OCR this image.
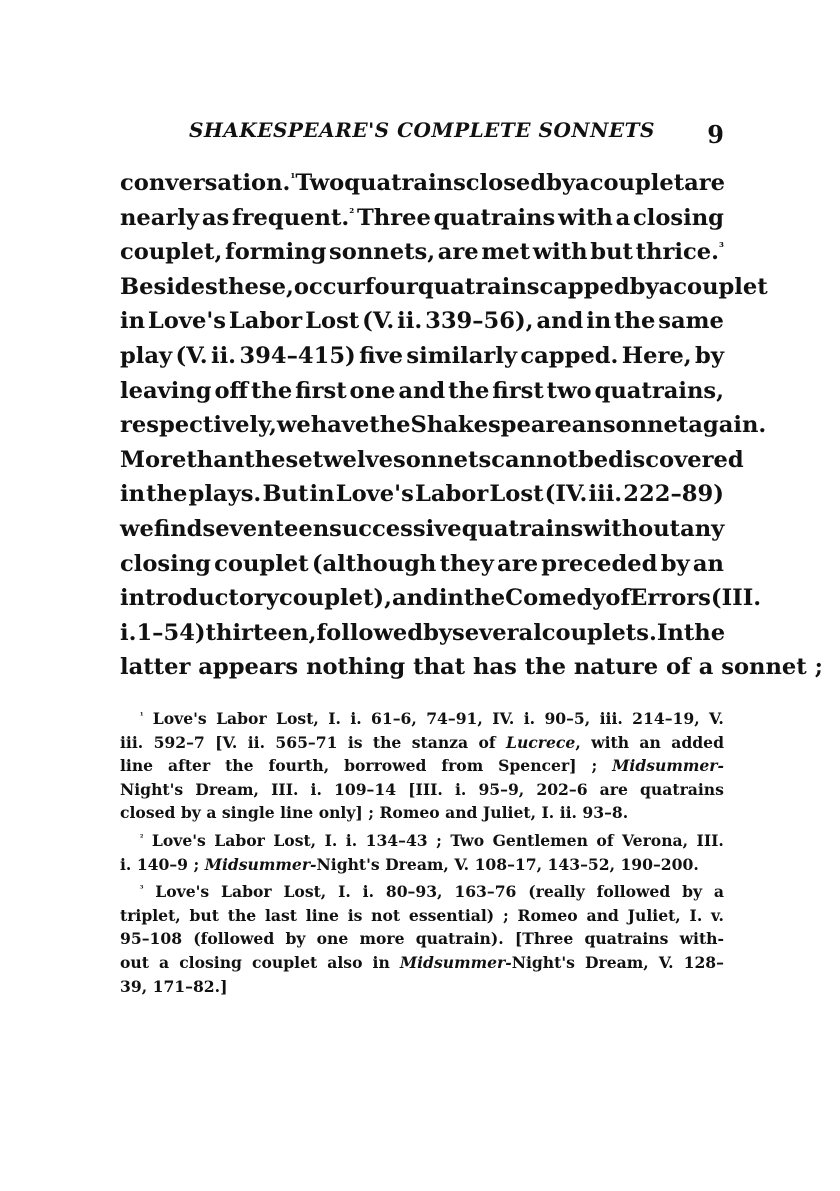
SHAKESPEARE'S COMPLETE SONNETS	9
conversation.$^{^1}$ Two quatrains closed by a couplet are
nearly as frequent.$^{^2}$ Three quatrains with a closing
couplet, forming sonnets, are met with but thrice.$^{^3}$
Besides these, occur four quatrains capped by a couplet
in Love's Labor Lost (V. ii. 339–56), and in the same
play (V. ii. 394–415) five similarly capped. Here, by
leaving off the first one and the first two quatrains,
respectively, we have the Shakespearean sonnet again.
More than these twelve sonnets cannot be discovered
in the plays. But in Love's Labor Lost (IV. iii. 222–89)
we find seventeen successive quatrains without any
closing couplet (although they are preceded by an
introductory couplet), and in the Comedy of Errors (III.
i. 1–54) thirteen, followed by several couplets. In the
latter appears nothing that has the nature of a sonnet ;
$^{^1}$ Love's Labor Lost, I. i. 61–6, 74–91, IV. i. 90–5, iii. 214–19, V.
iii. 592–7 [V. ii. 565–71 is the stanza of Lucrece, with an added
line after the fourth, borrowed from Spencer] ; Midsummer-
Night's Dream, III. i. 109–14 [III. i. 95–9, 202–6 are quatrains
closed by a single line only] ; Romeo and Juliet, I. ii. 93–8.
$^{^2}$ Love's Labor Lost, I. i. 134–43 ; Two Gentlemen of Verona, III.
i. 140–9 ; Midsummer-Night's Dream, V. 108–17, 143–52, 190–200.
$^{^3}$ Love's Labor Lost, I. i. 80–93, 163–76 (really followed by a
triplet, but the last line is not essential) ; Romeo and Juliet, I. v.
95–108 (followed by one more quatrain). [Three quatrains with-
out a closing couplet also in Midsummer-Night's Dream, V. 128–
39, 171–82.]
